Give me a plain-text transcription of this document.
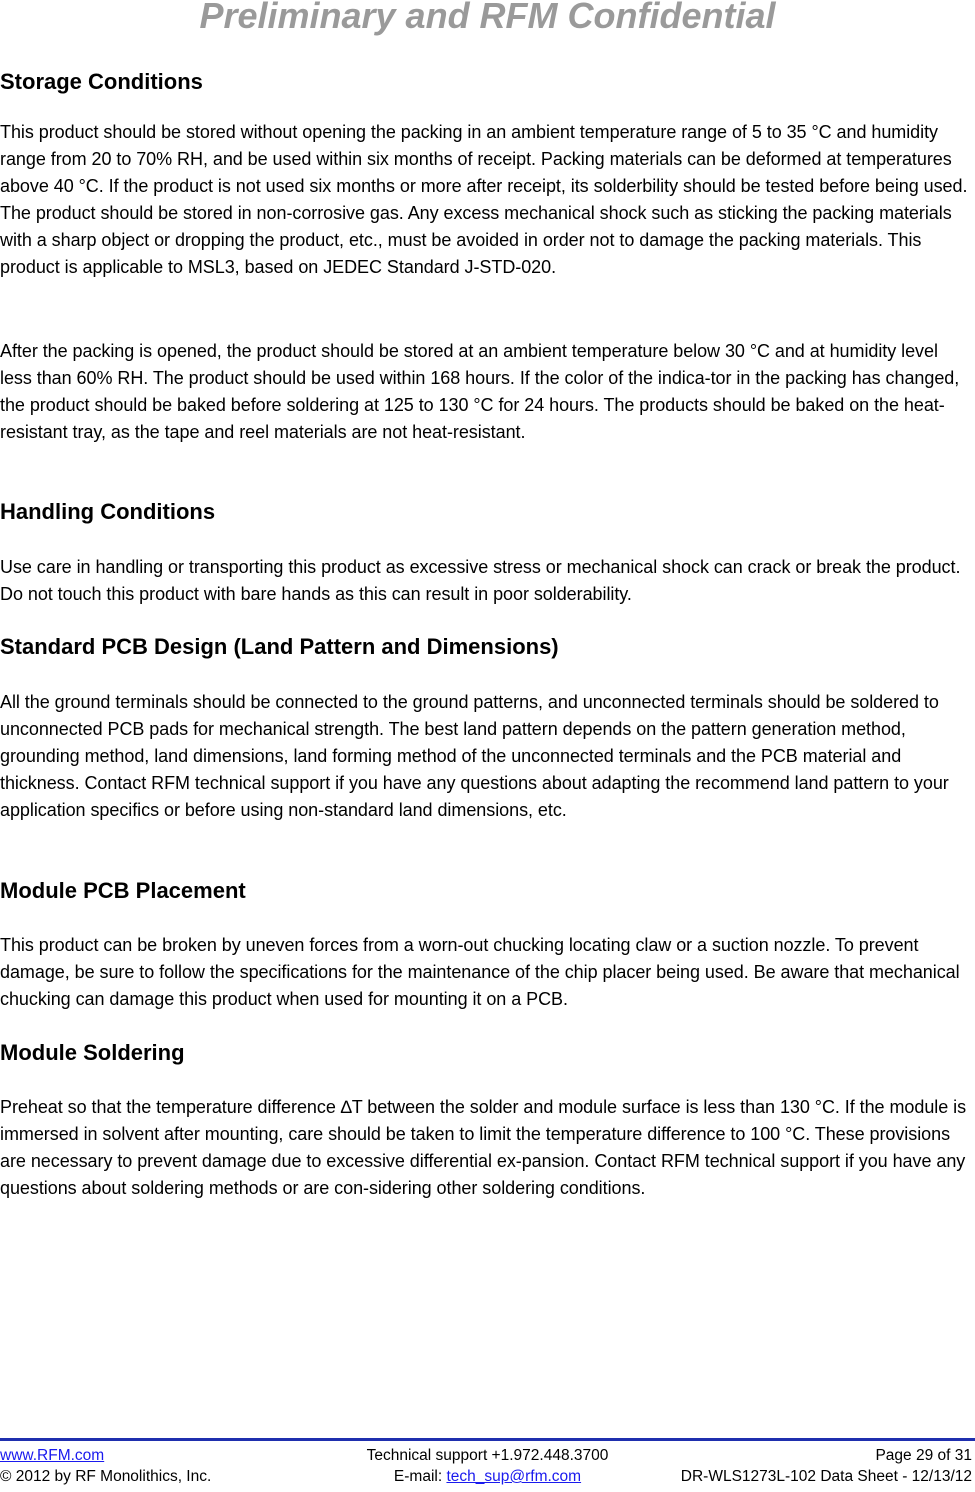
Preliminary and RFM Confidential
Storage Conditions

This product should be stored without opening the packing in an ambient temperature range of 5 to 35 °C and humidity range from 20 to 70% RH, and be used within six months of receipt. Packing materials can be deformed at temperatures above 40 °C. If the product is not used six months or more after receipt, its solderbility should be tested before being used. The product should be stored in non-corrosive gas. Any excess mechanical shock such as sticking the packing materials with a sharp object or dropping the product, etc., must be avoided in order not to damage the packing materials. This product is applicable to MSL3, based on JEDEC Standard J-STD-020.

After the packing is opened, the product should be stored at an ambient temperature below 30 °C and at humidity level less than 60% RH. The product should be used within 168 hours. If the color of the indica-tor in the packing has changed, the product should be baked before soldering at 125 to 130 °C for 24 hours. The products should be baked on the heat-resistant tray, as the tape and reel materials are not heat-resistant.

Handling Conditions

Use care in handling or transporting this product as excessive stress or mechanical shock can crack or break the product. Do not touch this product with bare hands as this can result in poor solderability.

Standard PCB Design (Land Pattern and Dimensions)

All the ground terminals should be connected to the ground patterns, and unconnected terminals should be soldered to unconnected PCB pads for mechanical strength. The best land pattern depends on the pattern generation method, grounding method, land dimensions, land forming method of the unconnected terminals and the PCB material and thickness. Contact RFM technical support if you have any questions about adapting the recommend land pattern to your application specifics or before using non-standard land dimensions, etc.

Module PCB Placement

This product can be broken by uneven forces from a worn-out chucking locating claw or a suction nozzle. To prevent damage, be sure to follow the specifications for the maintenance of the chip placer being used. Be aware that mechanical chucking can damage this product when used for mounting it on a PCB.

Module Soldering

Preheat so that the temperature difference ∆T between the solder and module surface is less than 130 °C. If the module is immersed in solvent after mounting, care should be taken to limit the temperature difference to 100 °C. These provisions are necessary to prevent damage due to excessive differential ex-pansion. Contact RFM technical support if you have any questions about soldering methods or are con-sidering other soldering conditions.

www.RFM.com	Technical support +1.972.448.3700	Page 29 of 31
© 2012 by RF Monolithics, Inc.	E-mail: tech_sup@rfm.com	DR-WLS1273L-102 Data Sheet - 12/13/12
